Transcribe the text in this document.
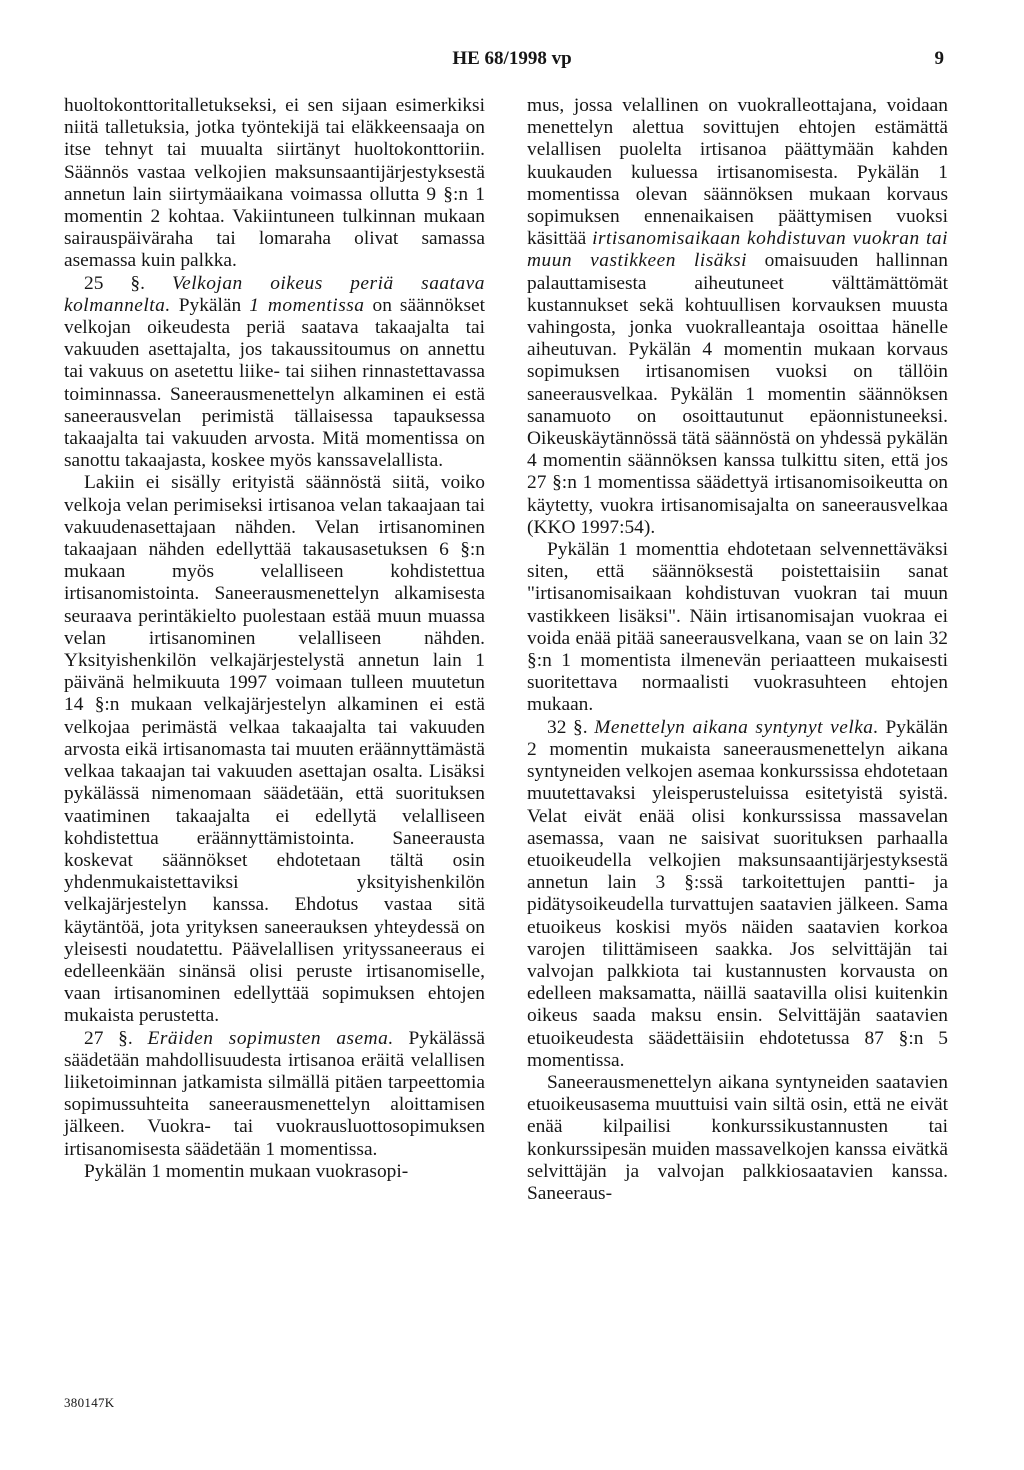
HE 68/1998 vp	9

huoltokonttoritalletukseksi, ei sen sijaan esimerkiksi niitä talletuksia, jotka työntekijä tai eläkkeensaaja on itse tehnyt tai muualta siirtänyt huoltokonttoriin. Säännös vastaa velkojien maksunsaantijärjestyksestä annetun lain siirtymäaikana voimassa ollutta 9 §:n 1 momentin 2 kohtaa. Vakiintuneen tulkinnan mukaan sairauspäiväraha tai lomaraha olivat samassa asemassa kuin palkka.

25 §. Velkojan oikeus periä saatava kolmannelta. Pykälän 1 momentissa on säännökset velkojan oikeudesta periä saatava takaajalta tai vakuuden asettajalta, jos takaussitoumus on annettu tai vakuus on asetettu liike- tai siihen rinnastettavassa toiminnassa. Saneerausmenettelyn alkaminen ei estä saneerausvelan perimistä tällaisessa tapauksessa takaajalta tai vakuuden arvosta. Mitä momentissa on sanottu takaajasta, koskee myös kanssavelallista.

Lakiin ei sisälly erityistä säännöstä siitä, voiko velkoja velan perimiseksi irtisanoa velan takaajaan tai vakuudenasettajaan nähden. Velan irtisanominen takaajaan nähden edellyttää takausasetuksen 6 §:n mukaan myös velalliseen kohdistettua irtisanomistointa. Saneerausmenettelyn alkamisesta seuraava perintäkielto puolestaan estää muun muassa velan irtisanominen velalliseen nähden. Yksityishenkilön velkajärjestelystä annetun lain 1 päivänä helmikuuta 1997 voimaan tulleen muutetun 14 §:n mukaan velkajärjestelyn alkaminen ei estä velkojaa perimästä velkaa takaajalta tai vakuuden arvosta eikä irtisanomasta tai muuten eräännyttämästä velkaa takaajan tai vakuuden asettajan osalta. Lisäksi pykälässä nimenomaan säädetään, että suorituksen vaatiminen takaajalta ei edellytä velalliseen kohdistettua eräännyttämistointa. Saneerausta koskevat säännökset ehdotetaan tältä osin yhdenmukaistettaviksi yksityishenkilön velkajärjestelyn kanssa. Ehdotus vastaa sitä käytäntöä, jota yrityksen saneerauksen yhteydessä on yleisesti noudatettu. Päävelallisen yrityssaneeraus ei edelleenkään sinänsä olisi peruste irtisanomiselle, vaan irtisanominen edellyttää sopimuksen ehtojen mukaista perustetta.

27 §. Eräiden sopimusten asema. Pykälässä säädetään mahdollisuudesta irtisanoa eräitä velallisen liiketoiminnan jatkamista silmällä pitäen tarpeettomia sopimussuhteita saneerausmenettelyn aloittamisen jälkeen. Vuokra- tai vuokrausluottosopimuksen irtisanomisesta säädetään 1 momentissa.

Pykälän 1 momentin mukaan vuokrasopi-

mus, jossa velallinen on vuokralleottajana, voidaan menettelyn alettua sovittujen ehtojen estämättä velallisen puolelta irtisanoa päättymään kahden kuukauden kuluessa irtisanomisesta. Pykälän 1 momentissa olevan säännöksen mukaan korvaus sopimuksen ennenaikaisen päättymisen vuoksi käsittää irtisanomisaikaan kohdistuvan vuokran tai muun vastikkeen lisäksi omaisuuden hallinnan palauttamisesta aiheutuneet välttämättömät kustannukset sekä kohtuullisen korvauksen muusta vahingosta, jonka vuokralleantaja osoittaa hänelle aiheutuvan. Pykälän 4 momentin mukaan korvaus sopimuksen irtisanomisen vuoksi on tällöin saneerausvelkaa. Pykälän 1 momentin säännöksen sanamuoto on osoittautunut epäonnistuneeksi. Oikeuskäytännössä tätä säännöstä on yhdessä pykälän 4 momentin säännöksen kanssa tulkittu siten, että jos 27 §:n 1 momentissa säädettyä irtisanomisoikeutta on käytetty, vuokra irtisanomisajalta on saneerausvelkaa (KKO 1997:54).

Pykälän 1 momenttia ehdotetaan selvennettäväksi siten, että säännöksestä poistettaisiin sanat "irtisanomisaikaan kohdistuvan vuokran tai muun vastikkeen lisäksi". Näin irtisanomisajan vuokraa ei voida enää pitää saneerausvelkana, vaan se on lain 32 §:n 1 momentista ilmenevän periaatteen mukaisesti suoritettava normaalisti vuokrasuhteen ehtojen mukaan.

32 §. Menettelyn aikana syntynyt velka. Pykälän 2 momentin mukaista saneerausmenettelyn aikana syntyneiden velkojen asemaa konkurssissa ehdotetaan muutettavaksi yleisperusteluissa esitetyistä syistä. Velat eivät enää olisi konkurssissa massavelan asemassa, vaan ne saisivat suorituksen parhaalla etuoikeudella velkojien maksunsaantijärjestyksestä annetun lain 3 §:ssä tarkoitettujen pantti- ja pidätysoikeudella turvattujen saatavien jälkeen. Sama etuoikeus koskisi myös näiden saatavien korkoa varojen tilittämiseen saakka. Jos selvittäjän tai valvojan palkkiota tai kustannusten korvausta on edelleen maksamatta, näillä saatavilla olisi kuitenkin oikeus saada maksu ensin. Selvittäjän saatavien etuoikeudesta säädettäisiin ehdotetussa 87 §:n 5 momentissa.

Saneerausmenettelyn aikana syntyneiden saatavien etuoikeusasema muuttuisi vain siltä osin, että ne eivät enää kilpailisi konkurssikustannusten tai konkurssipesän muiden massavelkojen kanssa eivätkä selvittäjän ja valvojan palkkiosaatavien kanssa. Saneeraus-

380147K
